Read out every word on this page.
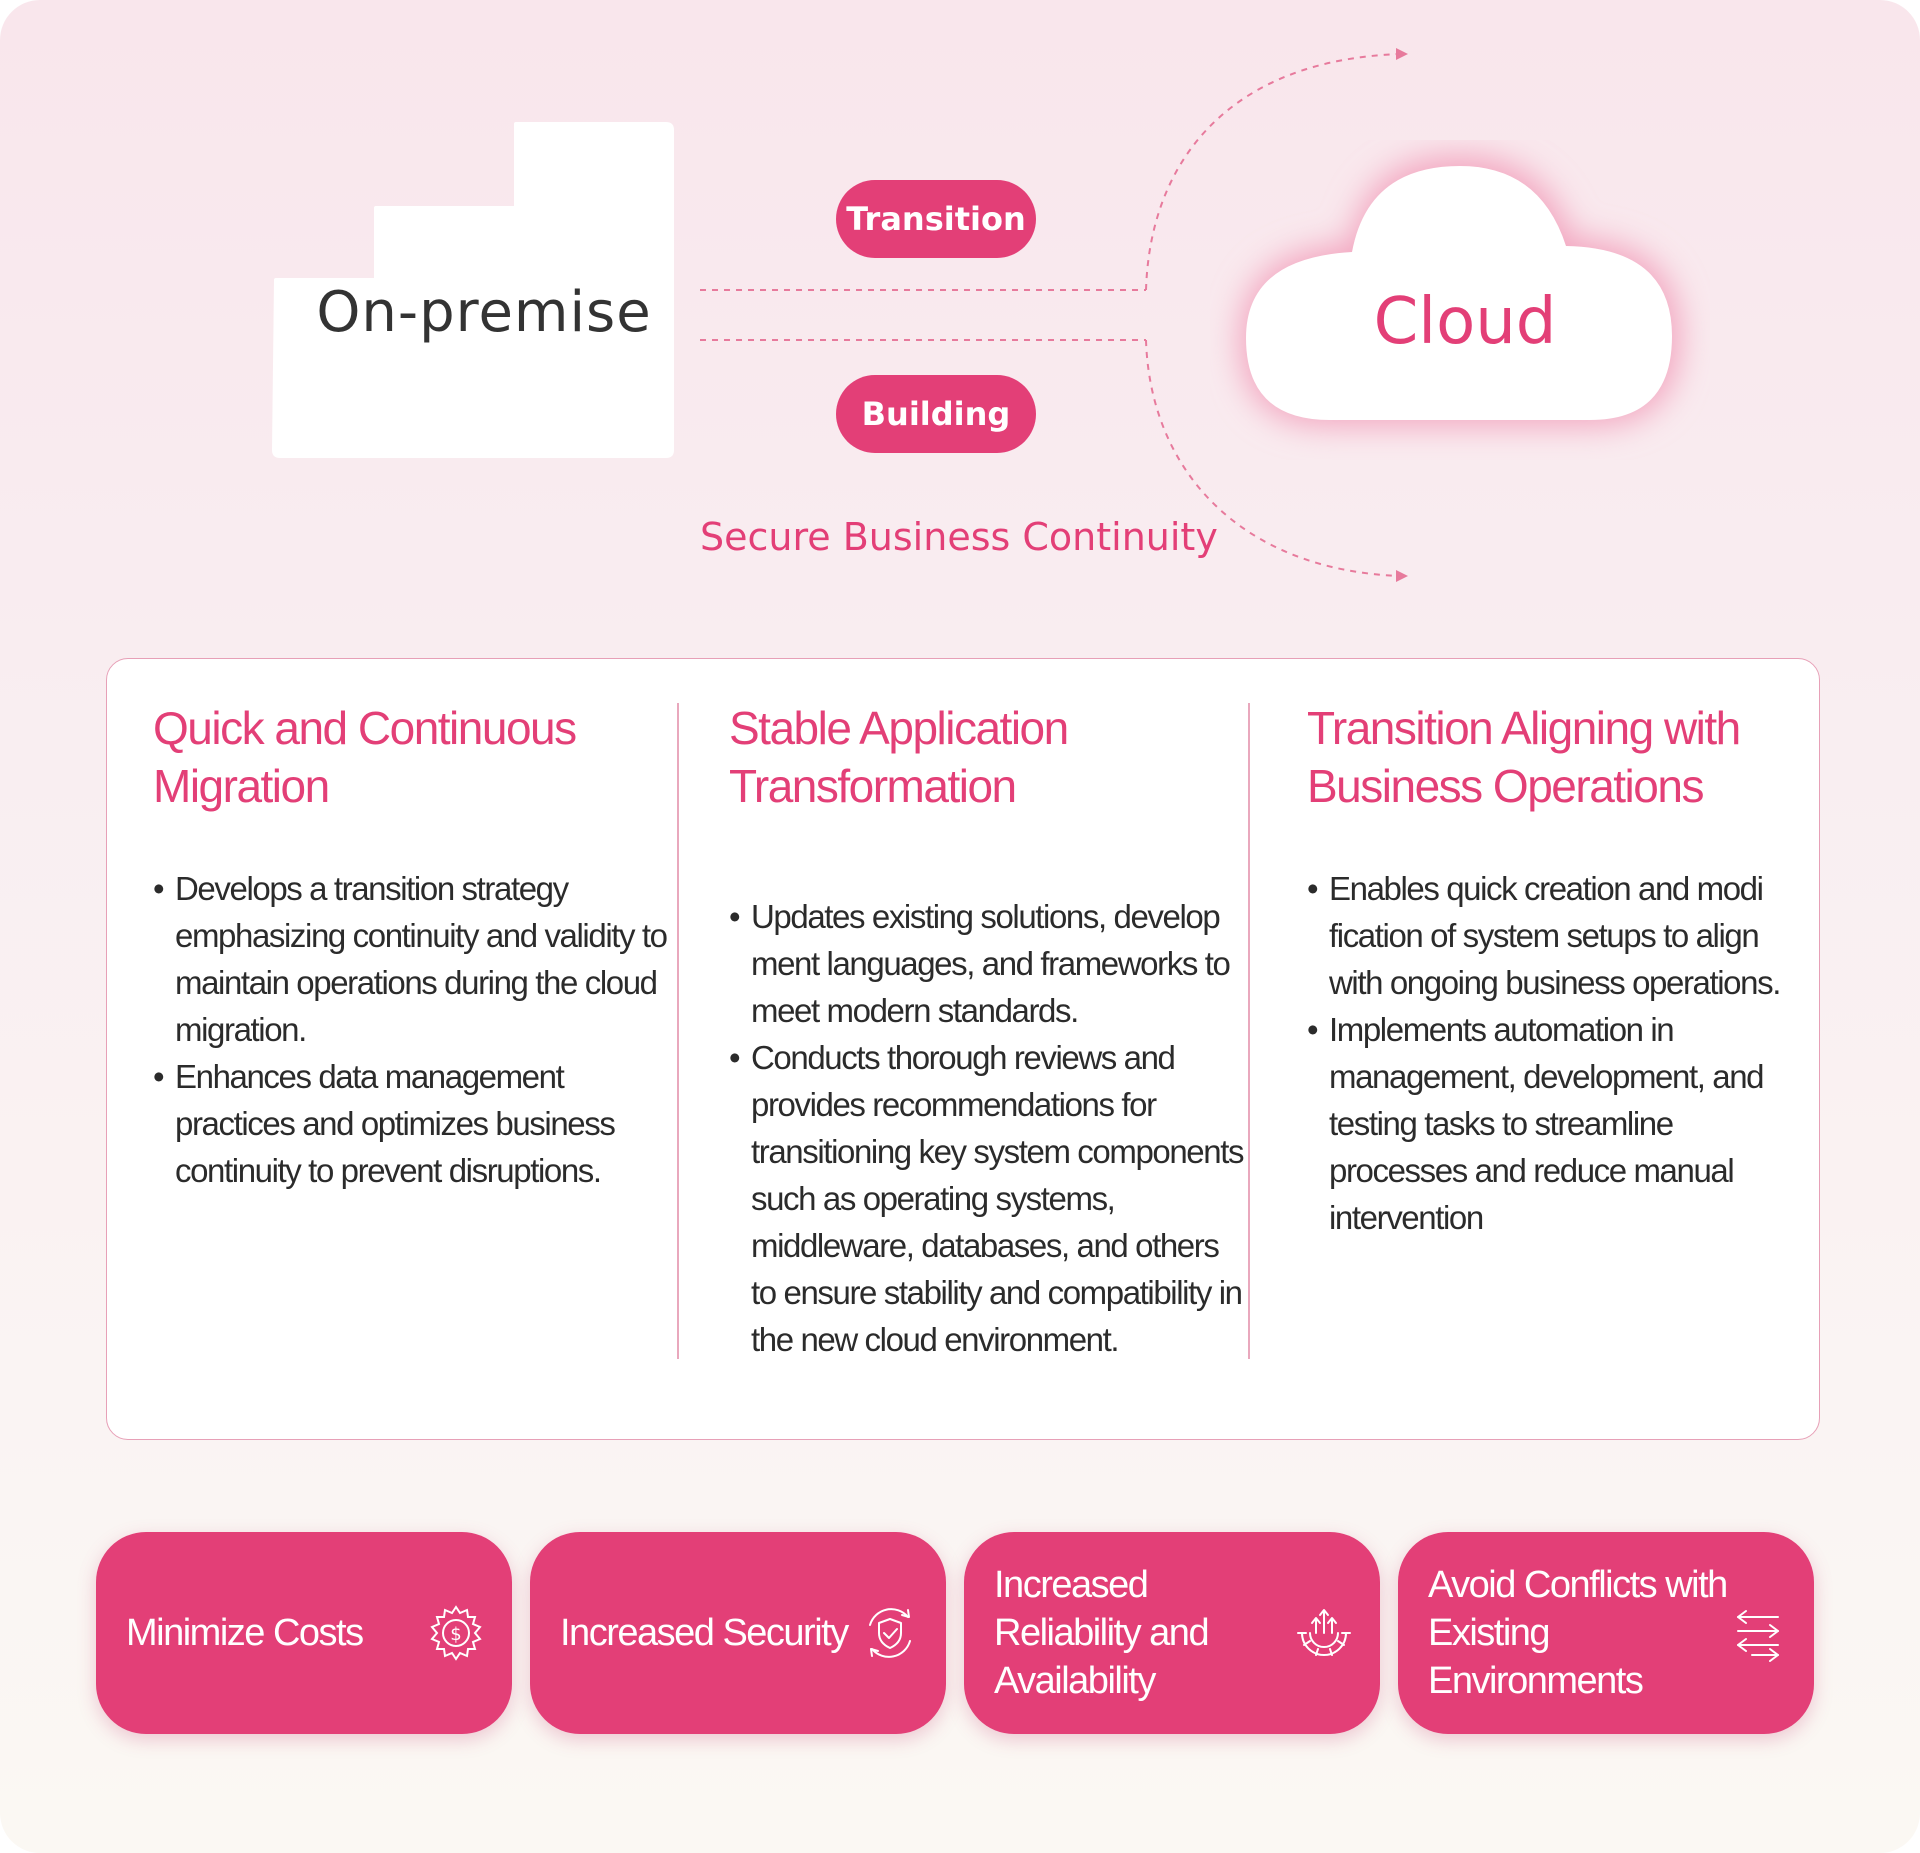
On-premise
Transition
Building
Secure Business Continuity
Cloud
Quick and Continuous Migration
• Develops a transition strategy emphasizing continuity and validity to maintain operations during the cloud migration.
• Enhances data management practices and optimizes business continuity to prevent disruptions.
Stable Application Transformation
• Updates existing solutions, develop ment languages, and frameworks to meet modern standards.
• Conducts thorough reviews and provides recommendations for transitioning key system components such as operating systems, middleware, databases, and others to ensure stability and compatibility in the new cloud environment.
Transition Aligning with Business Operations
• Enables quick creation and modi fication of system setups to align with ongoing business operations.
• Implements automation in management, development, and testing tasks to streamline processes and reduce manual intervention
Minimize Costs	$	Increased Security
Increased Reliability and Availability
Avoid Conflicts with Existing Environments
